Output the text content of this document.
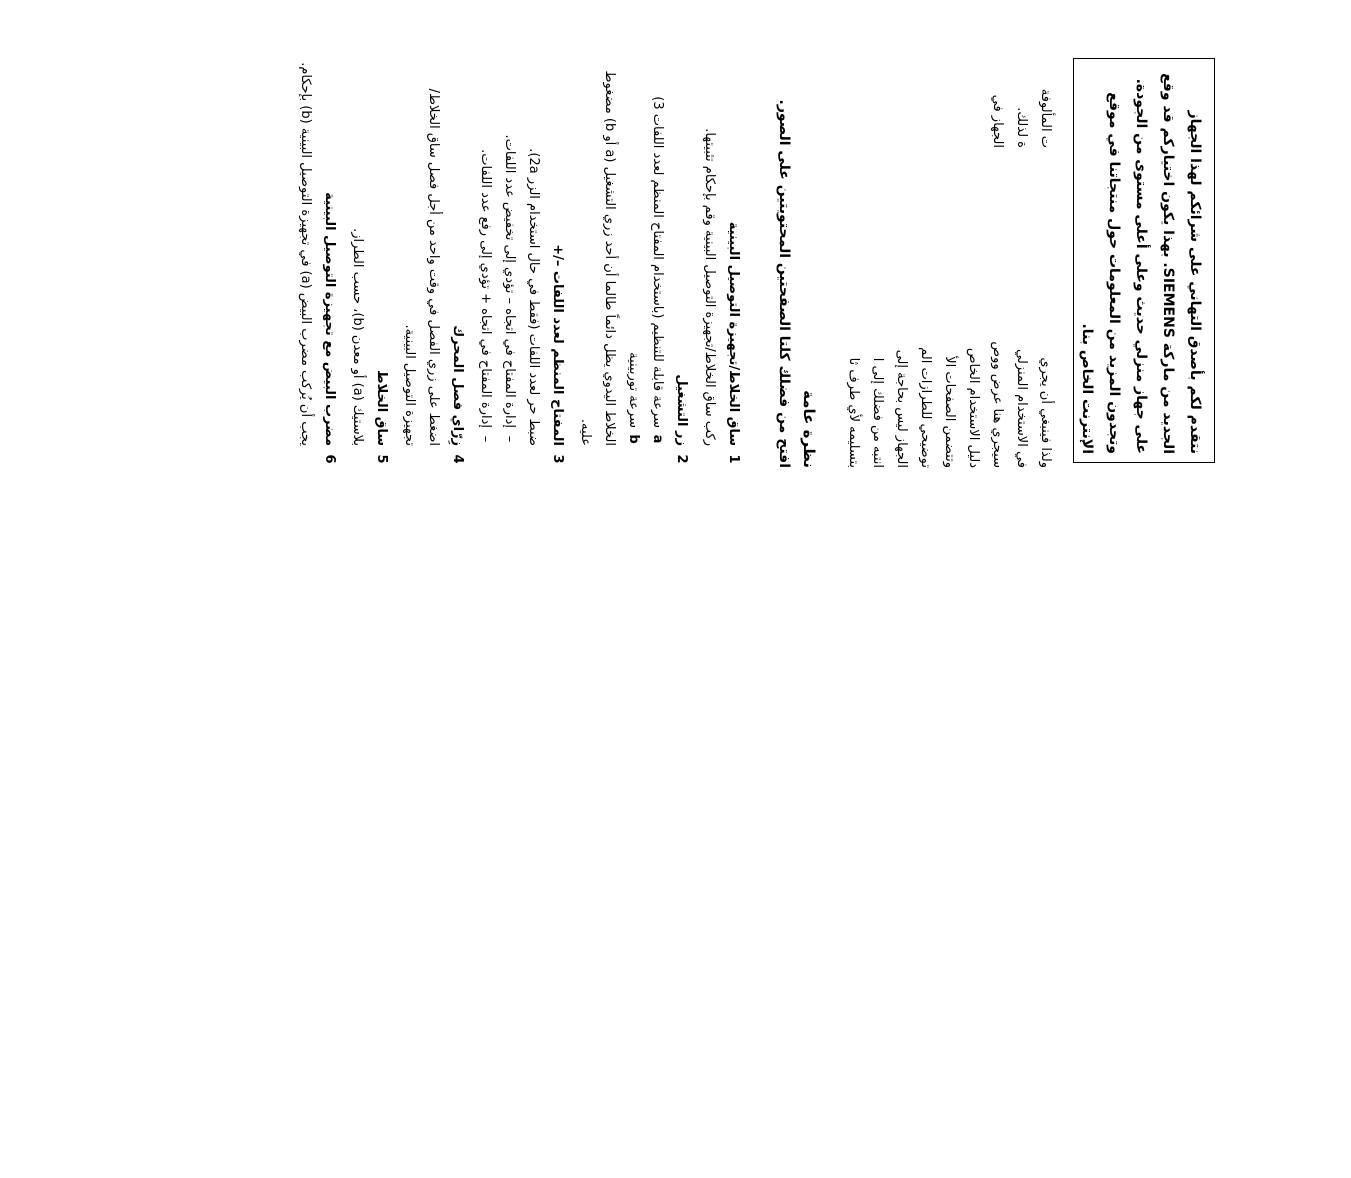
نتقدم لكم بأصدق التهاني على شرائكم لهذا الجهاز الجديد من ماركة SIEMENS. بهذا يكون اختياركم قد وقع على جهاز منزلي حديث وعلى أعلى مستوى من الجودة. وتجدون المزيد من المعلومات حول منتجاتنا في موقع الإنترنت الخاص بنا.
ولذا فينبغي أن يجري
ت المألوفة
في الاستخدام المنزلي
ة لذلك.
سيجري هنا عرض ووص
الجهاز في
دليل الاستخدام الخاص
وتتضمن الصفحات الأ
توضيحي للطرازات الم
الجهاز ليس بحاجة إلى
انتبه من فضلك إلى ا
بتسليمه لأي طرف ثا
نظرة عامة
افتح من فضلك كلتا الصفحتين المحتويتين على الصور.
1
ساق الخلاط/تجهيزة التوصيل البينية
ركب ساق الخلاط/تجهيزة التوصيل البينية وقم بإحكام تثبيتها.
2
زر التشغيل
a
سرعة قابلة للتنظيم (باستخدام المفتاح المنظم لعدد اللفات 3)
b
سرعة توربينية
الخلاط اليدوي يظل دائماً طالما أن أحد زري التشغيل (a أو b) مضغوط عليه.
3
المفتاح المنظم لعدد اللفات –/+
ضبط حر لعدد اللفات (فقط في حال استخدام الزر 2a).
–
إدارة المفتاح في اتجاه – تؤدي إلى تخفيض عدد اللفات.
–
إدارة المفتاح في اتجاه + تؤدي إلى رفع عدد اللفات.
4
زِرّاي فصل المحرك
اضغط على زري الفصل في وقت واحد من أجل فصل ساق الخلاط/تجهيزة التوصيل البينية.
5
ساق الخلاط
بلاستيك (a) أو معدن (b)، حسب الطراز.
6
مضرب البيض مع تجهيزة التوصيل البينية
يجب أن يُركب مضرب البيض (a) في تجهيزة التوصيل البينية (b) بإحكام.
